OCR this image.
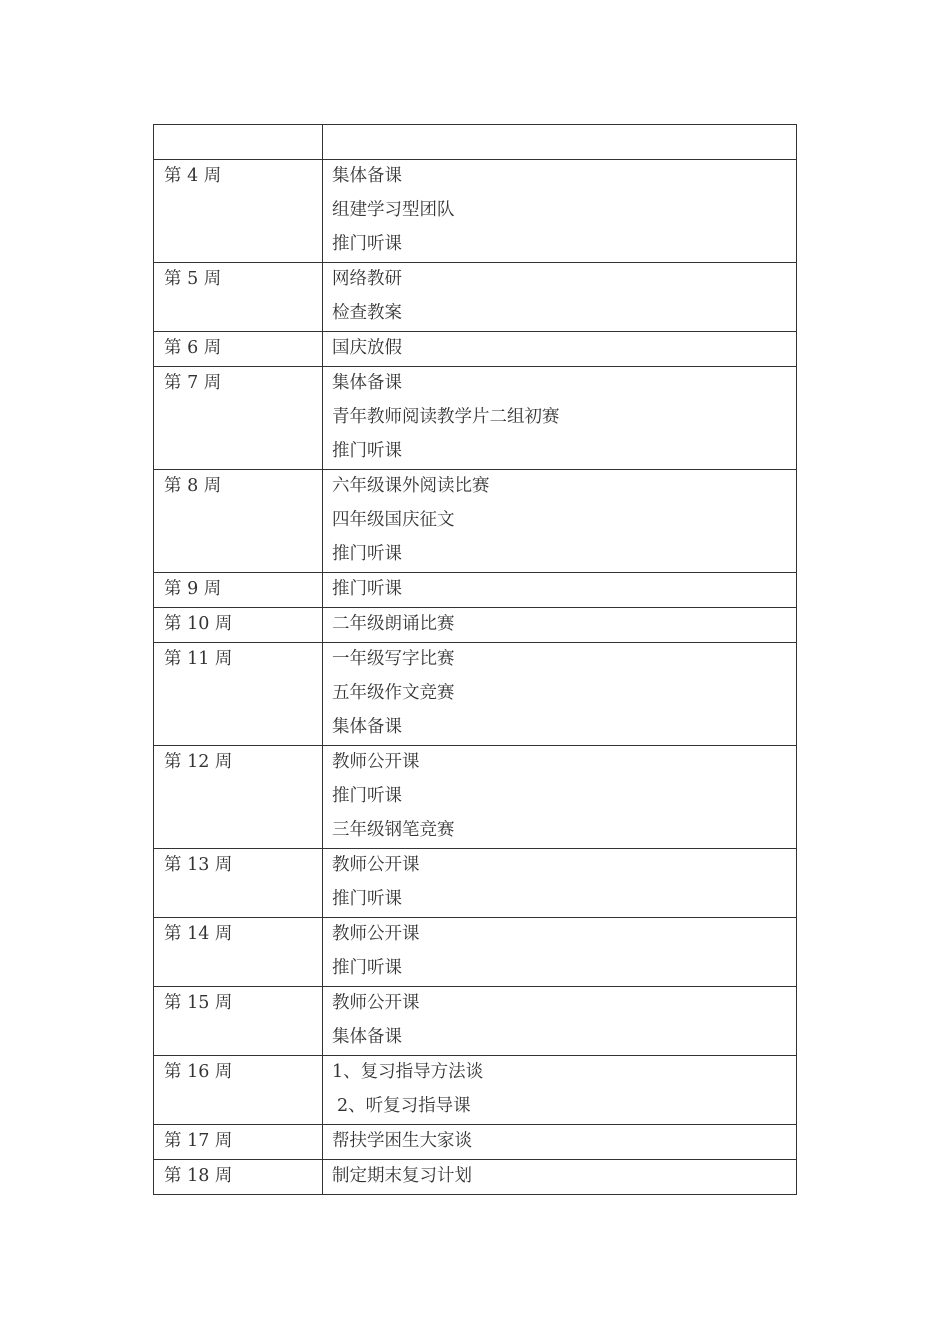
第 4 周	集体备课
组建学习型团队
推门听课

第 5 周	网络教研
检查教案

第 6 周	国庆放假

第 7 周	集体备课
青年教师阅读教学片二组初赛
推门听课

第 8 周	六年级课外阅读比赛
四年级国庆征文
推门听课

第 9 周	推门听课

第 10 周	二年级朗诵比赛

第 11 周	一年级写字比赛
五年级作文竞赛
集体备课

第 12 周	教师公开课
推门听课
三年级钢笔竞赛

第 13 周	教师公开课
推门听课

第 14 周	教师公开课
推门听课

第 15 周	教师公开课
集体备课

第 16 周	1、复习指导方法谈
2、听复习指导课

第 17 周	帮扶学困生大家谈

第 18 周	制定期末复习计划
